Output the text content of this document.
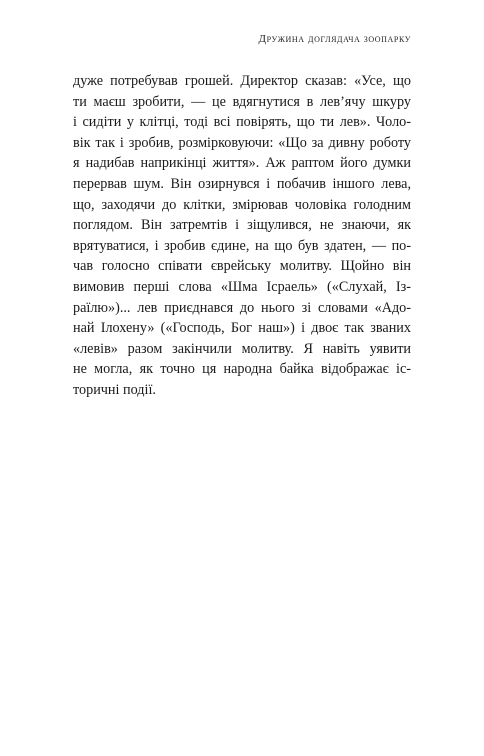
Дружина доглядача зоопарку
дуже потребував грошей. Директор сказав: «Усе, що
ти маєш зробити, — це вдягнутися в лев’ячу шкуру
і сидіти у клітці, тоді всі повірять, що ти лев». Чоло-
вік так і зробив, розмірковуючи: «Що за дивну роботу
я надибав наприкінці життя». Аж раптом його думки
перервав шум. Він озирнувся і побачив іншого лева,
що, заходячи до клітки, змірював чоловіка голодним
поглядом. Він затремтів і зіщулився, не знаючи, як
врятуватися, і зробив єдине, на що був здатен, — по-
чав голосно співати єврейську молитву. Щойно він
вимовив перші слова «Шма Ісраель» («Слухай, Із-
раїлю»)... лев приєднався до нього зі словами «Адо-
най Ілохену» («Господь, Бог наш») і двоє так званих
«левів» разом закінчили молитву. Я навіть уявити
не могла, як точно ця народна байка відображає іс-
торичні події.
